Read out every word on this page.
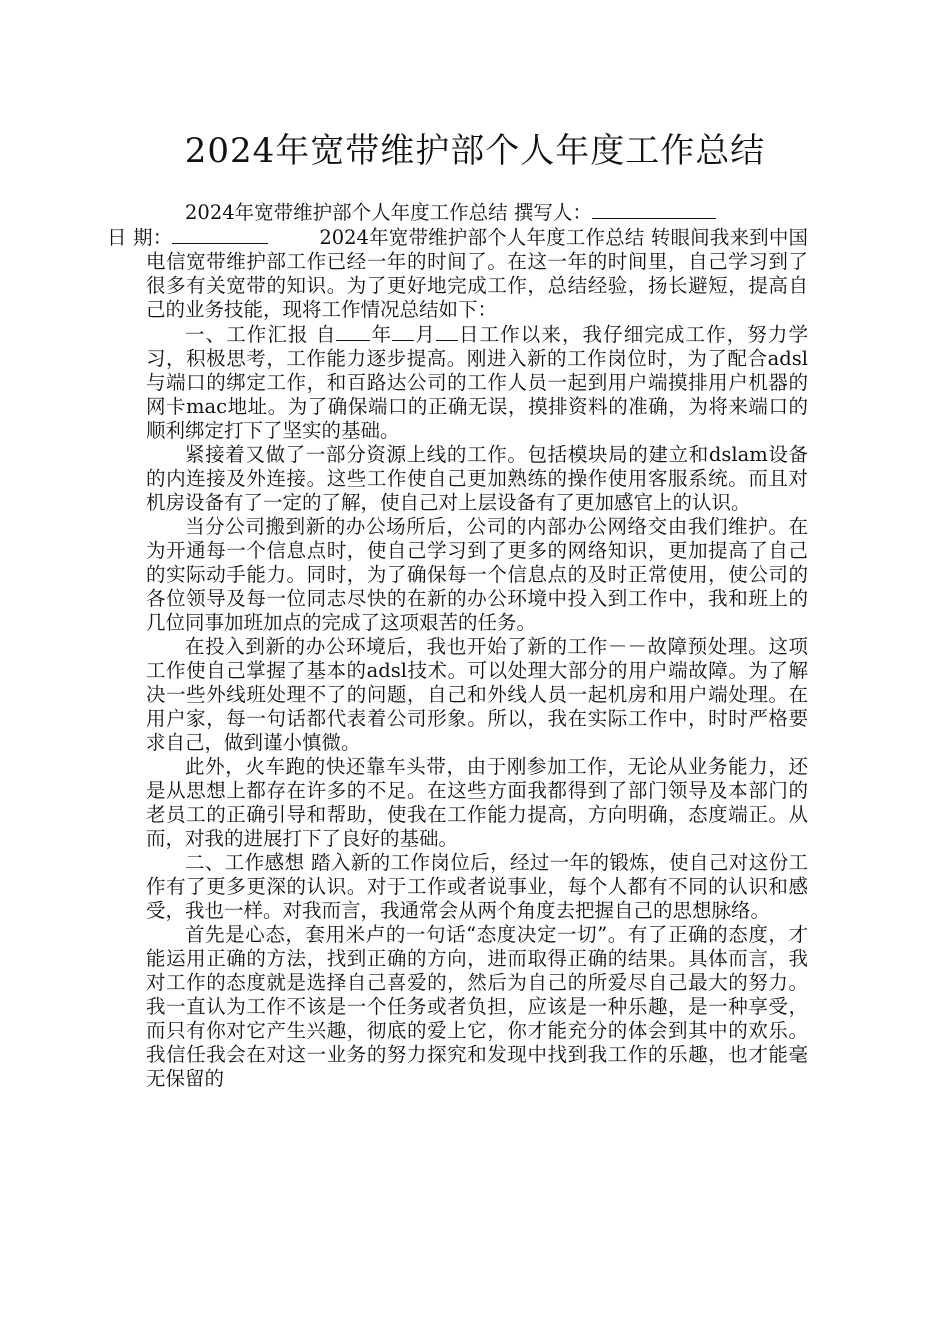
2024年宽带维护部个人年度工作总结

2024年宽带维护部个人年度工作总结 撰写人：
日 期：	2024年宽带维护部个人年度工作总结 转眼间我来到中国电信宽带维护部工作已经一年的时间了。在这一年的时间里，自己学习到了很多有关宽带的知识。为了更好地完成工作，总结经验，扬长避短，提高自己的业务技能，现将工作情况总结如下：

一、工作汇报 自 年 月 日工作以来，我仔细完成工作，努力学习，积极思考，工作能力逐步提高。刚进入新的工作岗位时，为了配合adsl与端口的绑定工作，和百路达公司的工作人员一起到用户端摸排用户机器的网卡mac地址。为了确保端口的正确无误，摸排资料的准确，为将来端口的顺利绑定打下了坚实的基础。

紧接着又做了一部分资源上线的工作。包括模块局的建立和dslam设备的内连接及外连接。这些工作使自己更加熟练的操作使用客服系统。而且对机房设备有了一定的了解，使自己对上层设备有了更加感官上的认识。

当分公司搬到新的办公场所后，公司的内部办公网络交由我们维护。在为开通每一个信息点时，使自己学习到了更多的网络知识，更加提高了自己的实际动手能力。同时，为了确保每一个信息点的及时正常使用，使公司的各位领导及每一位同志尽快的在新的办公环境中投入到工作中，我和班上的几位同事加班加点的完成了这项艰苦的任务。

在投入到新的办公环境后，我也开始了新的工作－－故障预处理。这项工作使自己掌握了基本的adsl技术。可以处理大部分的用户端故障。为了解决一些外线班处理不了的问题，自己和外线人员一起机房和用户端处理。在用户家，每一句话都代表着公司形象。所以，我在实际工作中，时时严格要求自己，做到谨小慎微。

此外，火车跑的快还靠车头带，由于刚参加工作，无论从业务能力，还是从思想上都存在许多的不足。在这些方面我都得到了部门领导及本部门的老员工的正确引导和帮助，使我在工作能力提高，方向明确，态度端正。从而，对我的进展打下了良好的基础。

二、工作感想 踏入新的工作岗位后，经过一年的锻炼，使自己对这份工作有了更多更深的认识。对于工作或者说事业，每个人都有不同的认识和感受，我也一样。对我而言，我通常会从两个角度去把握自己的思想脉络。

首先是心态，套用米卢的一句话“态度决定一切”。有了正确的态度，才能运用正确的方法，找到正确的方向，进而取得正确的结果。具体而言，我对工作的态度就是选择自己喜爱的，然后为自己的所爱尽自己最大的努力。我一直认为工作不该是一个任务或者负担，应该是一种乐趣，是一种享受，而只有你对它产生兴趣，彻底的爱上它，你才能充分的体会到其中的欢乐。我信任我会在对这一业务的努力探究和发现中找到我工作的乐趣，也才能毫无保留的
